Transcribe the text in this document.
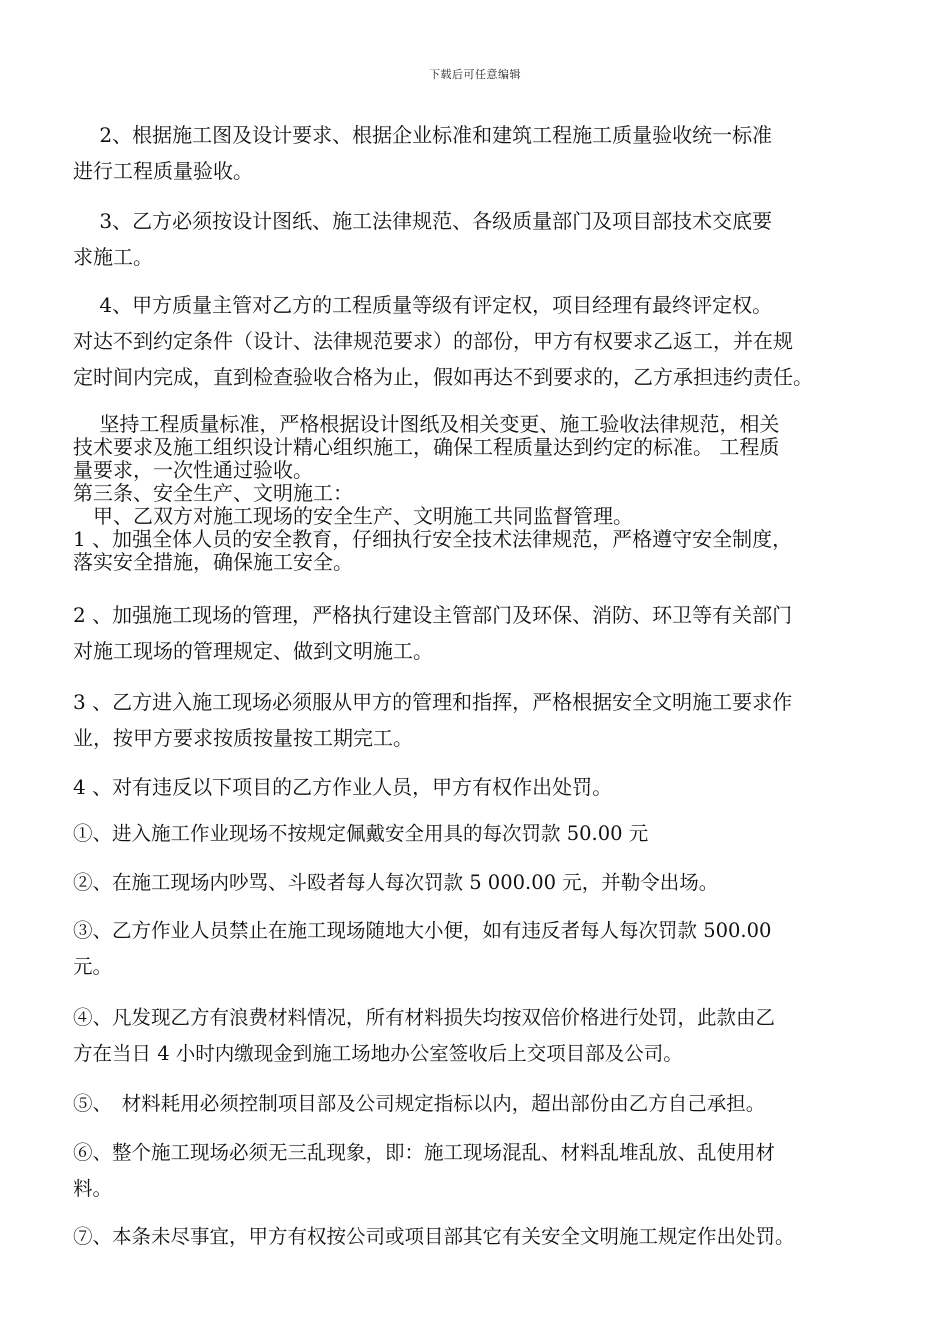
下载后可任意编辑
　 2、根据施工图及设计要求、根据企业标准和建筑工程施工质量验收统一标准
进行工程质量验收。
　 3、乙方必须按设计图纸、施工法律规范、各级质量部门及项目部技术交底要
求施工。
　 4、甲方质量主管对乙方的工程质量等级有评定权，项目经理有最终评定权。
对达不到约定条件（设计、法律规范要求）的部份，甲方有权要求乙返工，并在规
定时间内完成，直到检查验收合格为止，假如再达不到要求的，乙方承担违约责任。
　 坚持工程质量标准，严格根据设计图纸及相关变更、施工验收法律规范，相关
技术要求及施工组织设计精心组织施工，确保工程质量达到约定的标准。 工程质
量要求，一次性通过验收。
第三条、安全生产、文明施工：
　甲、乙双方对施工现场的安全生产、文明施工共同监督管理。
1 、加强全体人员的安全教育，仔细执行安全技术法律规范，严格遵守安全制度，
落实安全措施，确保施工安全。
2 、加强施工现场的管理，严格执行建设主管部门及环保、消防、环卫等有关部门
对施工现场的管理规定、做到文明施工。
3 、乙方进入施工现场必须服从甲方的管理和指挥，严格根据安全文明施工要求作
业，按甲方要求按质按量按工期完工。
4 、对有违反以下项目的乙方作业人员，甲方有权作出处罚。
①、进入施工作业现场不按规定佩戴安全用具的每次罚款 50.00 元
②、在施工现场内吵骂、斗殴者每人每次罚款 5 000.00 元，并勒令出场。
③、乙方作业人员禁止在施工现场随地大小便，如有违反者每人每次罚款 500.00
元。
④、凡发现乙方有浪费材料情况，所有材料损失均按双倍价格进行处罚，此款由乙
方在当日 4 小时内缴现金到施工场地办公室签收后上交项目部及公司。
⑤、　材料耗用必须控制项目部及公司规定指标以内，超出部份由乙方自己承担。
⑥、整个施工现场必须无三乱现象，即：施工现场混乱、材料乱堆乱放、乱使用材
料。
⑦、本条未尽事宜，甲方有权按公司或项目部其它有关安全文明施工规定作出处罚。
